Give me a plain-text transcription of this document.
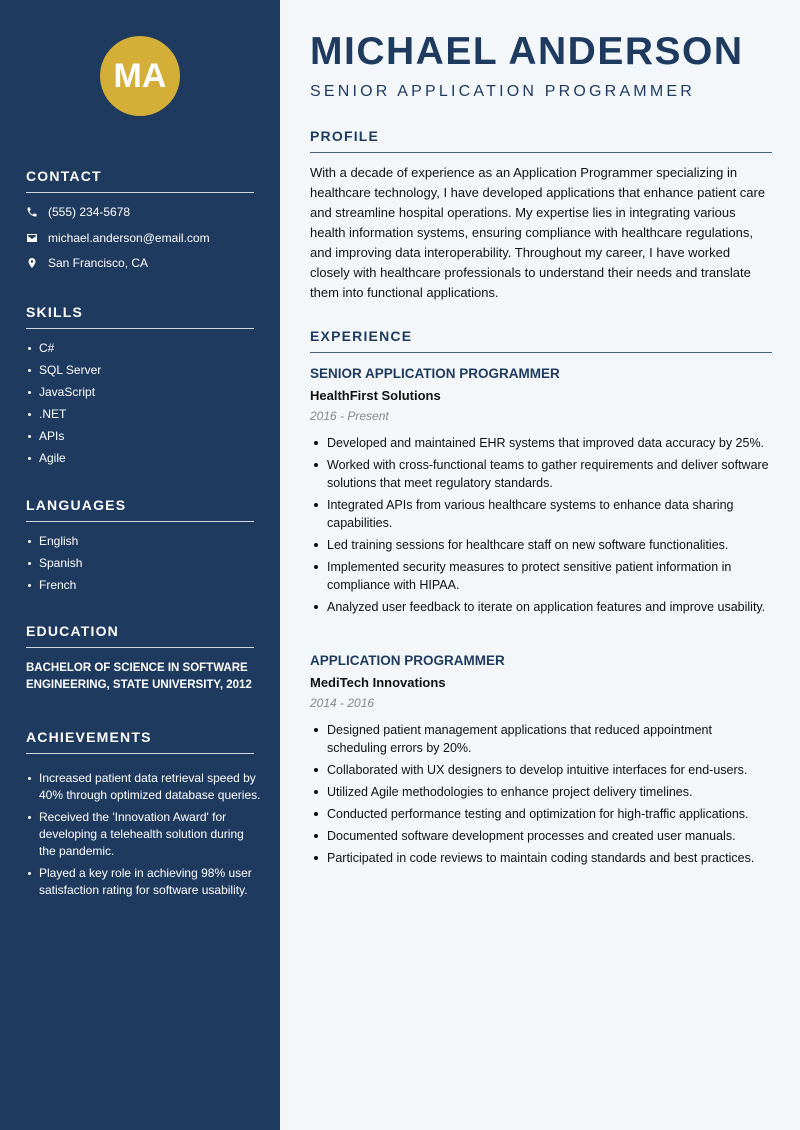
MA
CONTACT
(555) 234-5678
michael.anderson@email.com
San Francisco, CA
SKILLS
C#
SQL Server
JavaScript
.NET
APIs
Agile
LANGUAGES
English
Spanish
French
EDUCATION
BACHELOR OF SCIENCE IN SOFTWARE ENGINEERING, STATE UNIVERSITY, 2012
ACHIEVEMENTS
Increased patient data retrieval speed by 40% through optimized database queries.
Received the 'Innovation Award' for developing a telehealth solution during the pandemic.
Played a key role in achieving 98% user satisfaction rating for software usability.
MICHAEL ANDERSON
SENIOR APPLICATION PROGRAMMER
PROFILE
With a decade of experience as an Application Programmer specializing in healthcare technology, I have developed applications that enhance patient care and streamline hospital operations. My expertise lies in integrating various health information systems, ensuring compliance with healthcare regulations, and improving data interoperability. Throughout my career, I have worked closely with healthcare professionals to understand their needs and translate them into functional applications.
EXPERIENCE
SENIOR APPLICATION PROGRAMMER
HealthFirst Solutions
2016 - Present
Developed and maintained EHR systems that improved data accuracy by 25%.
Worked with cross-functional teams to gather requirements and deliver software solutions that meet regulatory standards.
Integrated APIs from various healthcare systems to enhance data sharing capabilities.
Led training sessions for healthcare staff on new software functionalities.
Implemented security measures to protect sensitive patient information in compliance with HIPAA.
Analyzed user feedback to iterate on application features and improve usability.
APPLICATION PROGRAMMER
MediTech Innovations
2014 - 2016
Designed patient management applications that reduced appointment scheduling errors by 20%.
Collaborated with UX designers to develop intuitive interfaces for end-users.
Utilized Agile methodologies to enhance project delivery timelines.
Conducted performance testing and optimization for high-traffic applications.
Documented software development processes and created user manuals.
Participated in code reviews to maintain coding standards and best practices.
